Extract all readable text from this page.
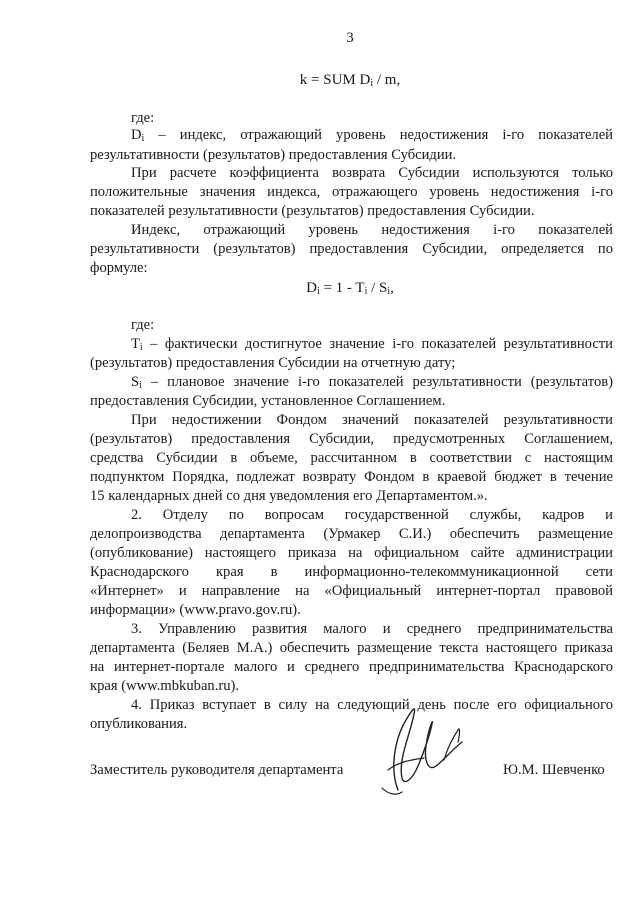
3
k = SUM $D_i$ / m,
где:
$D_i$ – индекс, отражающий уровень недостижения i-го показателей
результативности (результатов) предоставления Субсидии.
При расчете коэффициента возврата Субсидии используются только
положительные значения индекса, отражающего уровень недостижения i-го
показателей результативности (результатов) предоставления Субсидии.
Индекс, отражающий уровень недостижения i-го показателей
результативности (результатов) предоставления Субсидии, определяется по
формуле:
$D_i = 1 - T_i / S_i$,
где:
$T_i$ – фактически достигнутое значение i-го показателей результативности
(результатов) предоставления Субсидии на отчетную дату;
$S_i$ – плановое значение i-го показателей результативности (результатов)
предоставления Субсидии, установленное Соглашением.
При недостижении Фондом значений показателей результативности
(результатов) предоставления Субсидии, предусмотренных Соглашением,
средства Субсидии в объеме, рассчитанном в соответствии с настоящим
подпунктом Порядка, подлежат возврату Фондом в краевой бюджет в течение
15 календарных дней со дня уведомления его Департаментом.».
2. Отделу по вопросам государственной службы, кадров и
делопроизводства департамента (Урмакер С.И.) обеспечить размещение
(опубликование) настоящего приказа на официальном сайте администрации
Краснодарского края в информационно-телекоммуникационной сети
«Интернет» и направление на «Официальный интернет-портал правовой
информации» (www.pravo.gov.ru).
3. Управлению развития малого и среднего предпринимательства
департамента (Беляев М.А.) обеспечить размещение текста настоящего приказа
на интернет-портале малого и среднего предпринимательства Краснодарского
края (www.mbkuban.ru).
4. Приказ вступает в силу на следующий день после его официального
опубликования.
Заместитель руководителя департамента	Ю.М. Шевченко
